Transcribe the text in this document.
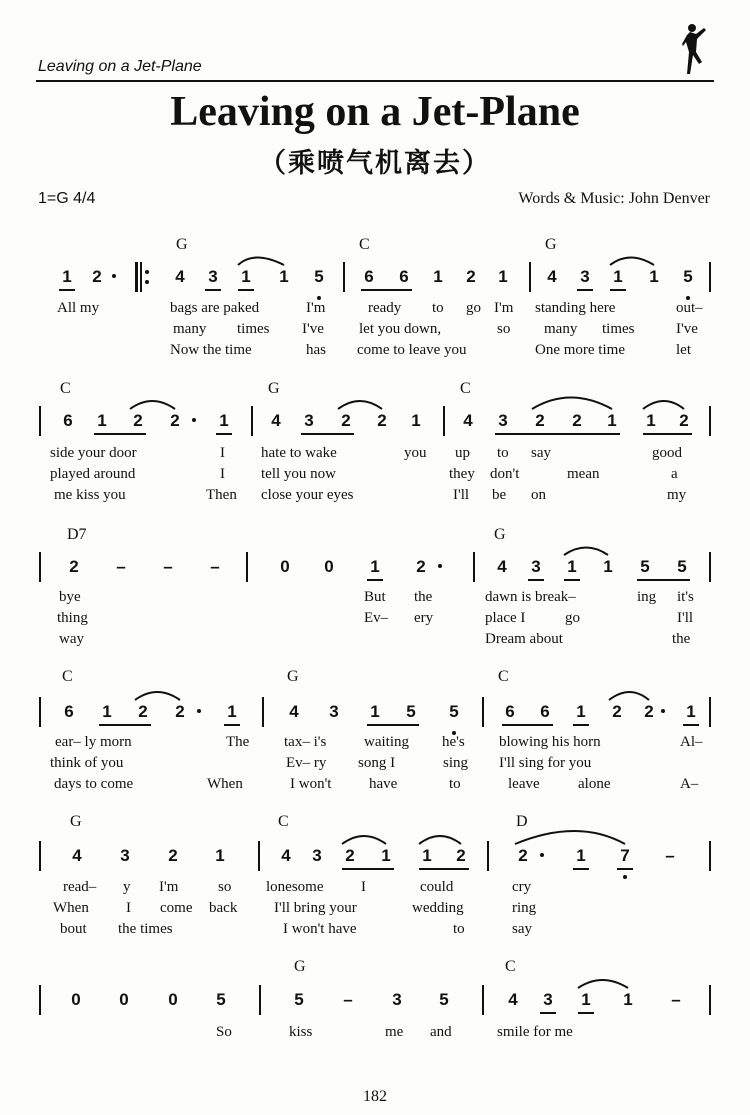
Leaving on a Jet-Plane
Leaving on a Jet-Plane
（乘喷气机离去）
1=G 4/4	Words & Music: John Denver
G	C	G
1 2	4 3 1 1 5 6 6 1 2 1 4 3 1 1 5
All my	bags are paked	I'm	ready to go I'm standing here	out–
many times I've let you down,	so many times	I've
Now the time	has come to leave you	One more time	let
C	G	C
6 1 2 2 1	4 3 2 2 1	4 3 2 2 1 1 2
side your door	I hate to wake	you up to say	good
played around	I tell you now	they don't	mean	a
me kiss you	Then close your eyes	I'll be on	my
D7	G
2 – – –	0 0 1 2	4 3 1 1 5 5
bye	But the	dawn is break–	ing it's
thing	Ev– ery	place I	go	I'll
way	Dream about	the
C	G	C
6 1 2 2	1	4 3 1 5 5	6 6 1 2 2 1
ear– ly morn	The tax– i's	waiting he's blowing his horn	Al–
think of you	Ev– ry song I	sing I'll sing for you
days to come	When	I won't	have	to	leave	alone	A–
G	C	D
4 3 2 1	4 3 2 1 1 2	2	1 7 –
read– y I'm	so lonesome	I	could	cry
When I come back I'll bring your	wedding	ring
bout the times	I won't have	to	say
G	C
0 0 0 5	5 – 3 5	4 3 1 1 –
So	kiss	me and	smile for me
182
